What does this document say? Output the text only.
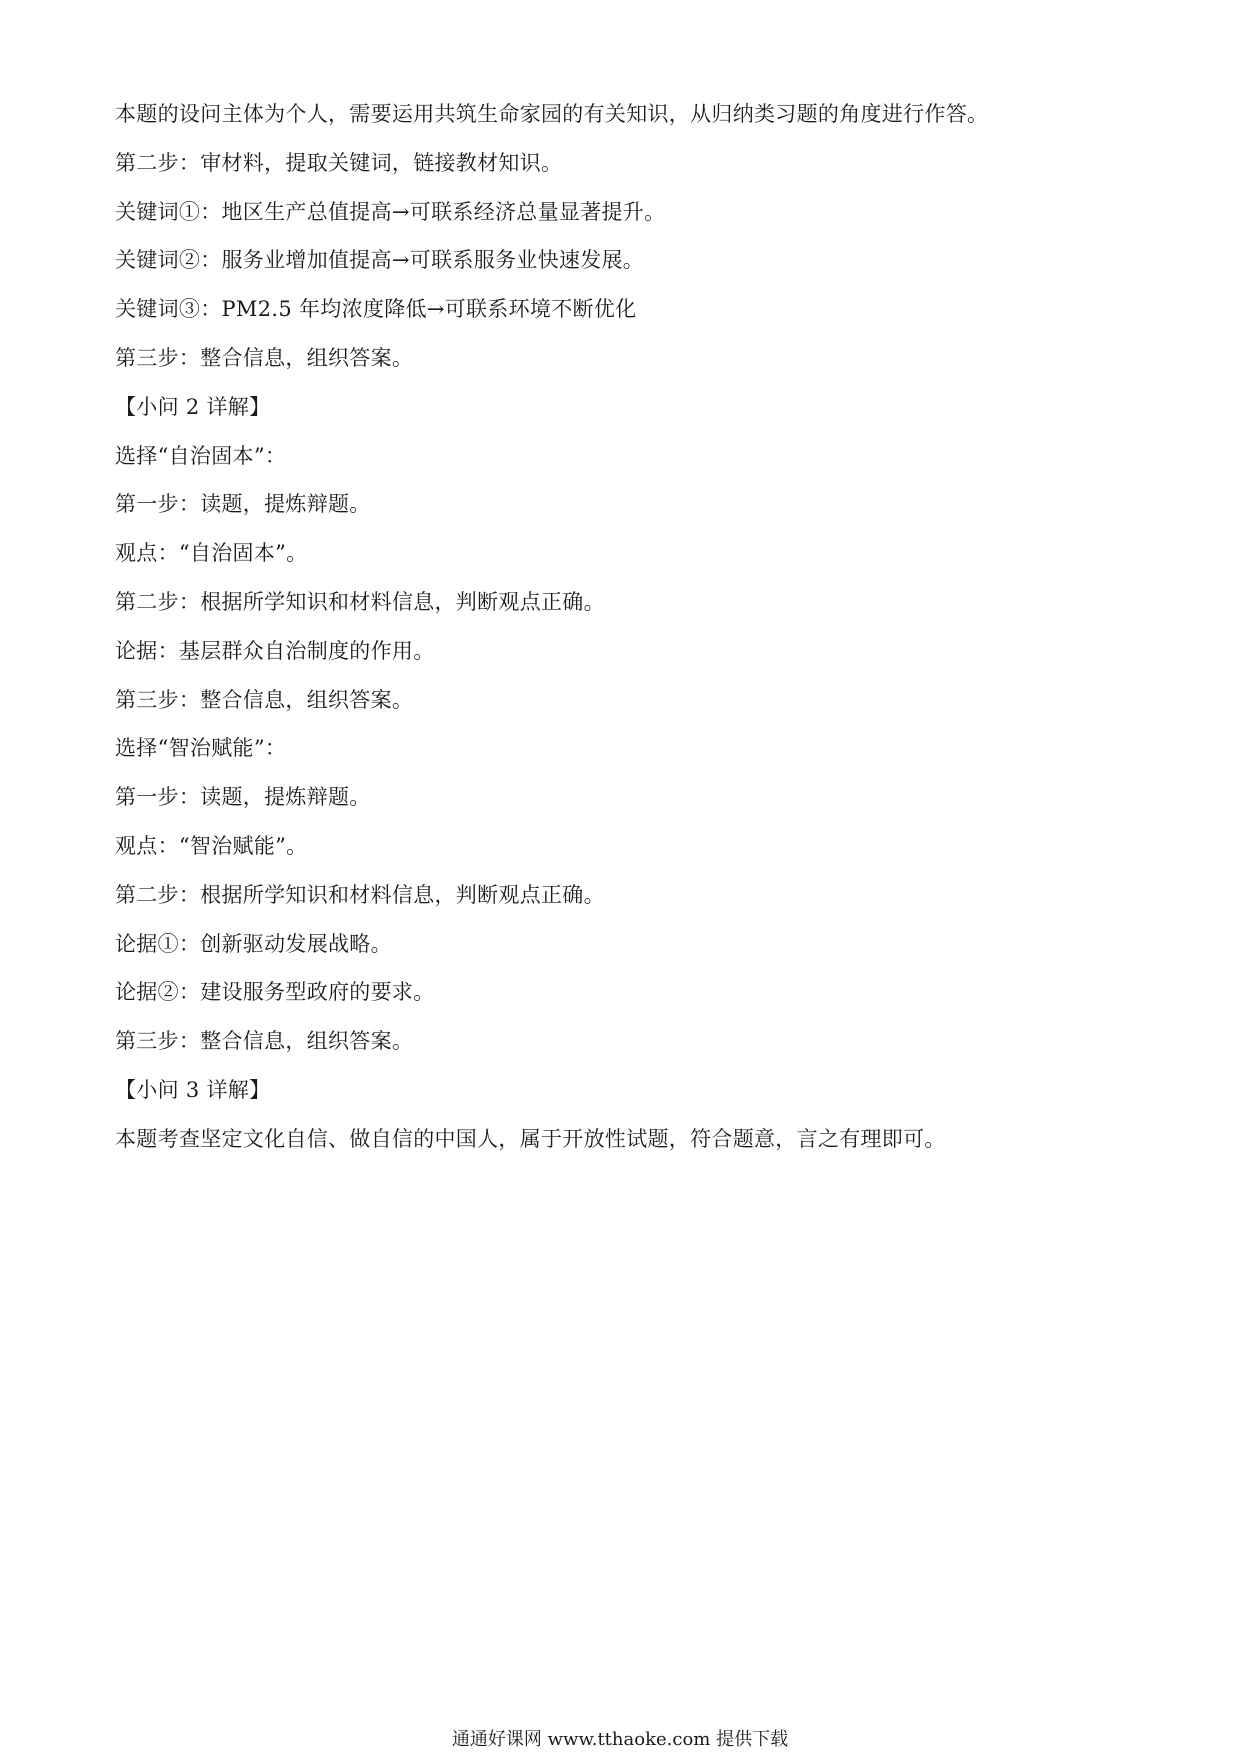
本题的设问主体为个人，需要运用共筑生命家园的有关知识，从归纳类习题的角度进行作答。

第二步：审材料，提取关键词，链接教材知识。

关键词①：地区生产总值提高→可联系经济总量显著提升。

关键词②：服务业增加值提高→可联系服务业快速发展。

关键词③：PM2.5 年均浓度降低→可联系环境不断优化

第三步：整合信息，组织答案。

【小问 2 详解】

选择“自治固本”：

第一步：读题，提炼辩题。

观点：“自治固本”。

第二步：根据所学知识和材料信息，判断观点正确。

论据：基层群众自治制度的作用。

第三步：整合信息，组织答案。

选择“智治赋能”：

第一步：读题，提炼辩题。

观点：“智治赋能”。

第二步：根据所学知识和材料信息，判断观点正确。

论据①：创新驱动发展战略。

论据②：建设服务型政府的要求。

第三步：整合信息，组织答案。

【小问 3 详解】

本题考查坚定文化自信、做自信的中国人，属于开放性试题，符合题意，言之有理即可。

通通好课网 www.tthaoke.com 提供下载
